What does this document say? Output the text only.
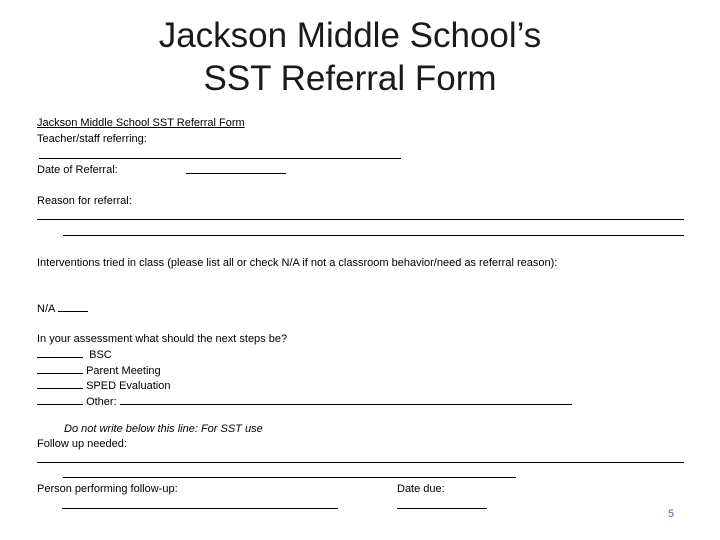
Jackson Middle School’s
SST Referral Form
Jackson Middle School SST Referral Form
Teacher/staff referring:
Date of Referral:
Reason for referral:
Interventions tried in class (please list all or check N/A if not a classroom behavior/need as referral reason):
N/A
In your assessment what should the next steps be?
BSC
Parent Meeting
SPED Evaluation
Other:
Do not write below this line: For SST use
Follow up needed:
Person performing follow-up:	Date due:
5
